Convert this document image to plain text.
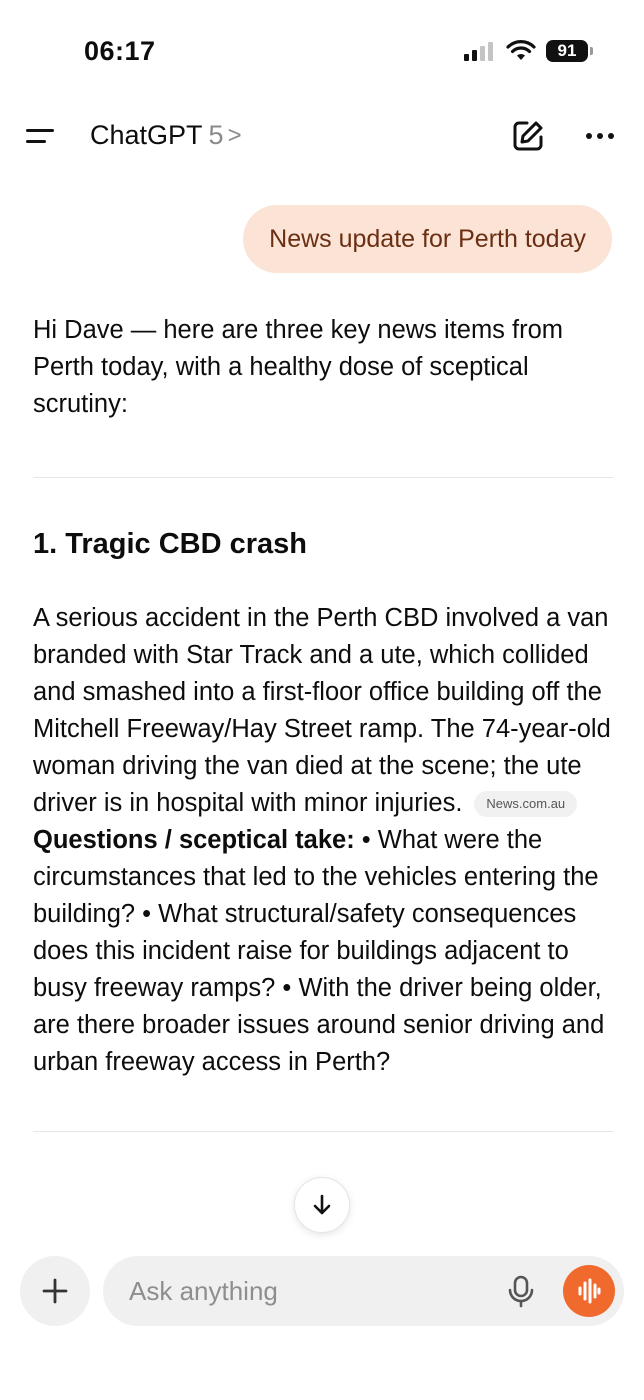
06:17	91
ChatGPT 5 >
News update for Perth today

Hi Dave — here are three key news items from Perth today, with a healthy dose of sceptical scrutiny:

1. Tragic CBD crash

A serious accident in the Perth CBD involved a van branded with Star Track and a ute, which collided and smashed into a first-floor office building off the Mitchell Freeway/Hay Street ramp. The 74-year-old woman driving the van died at the scene; the ute driver is in hospital with minor injuries. News.com.au
Questions / sceptical take: • What were the circumstances that led to the vehicles entering the building? • What structural/safety consequences does this incident raise for buildings adjacent to busy freeway ramps? • With the driver being older, are there broader issues around senior driving and urban freeway access in Perth?

Ask anything
